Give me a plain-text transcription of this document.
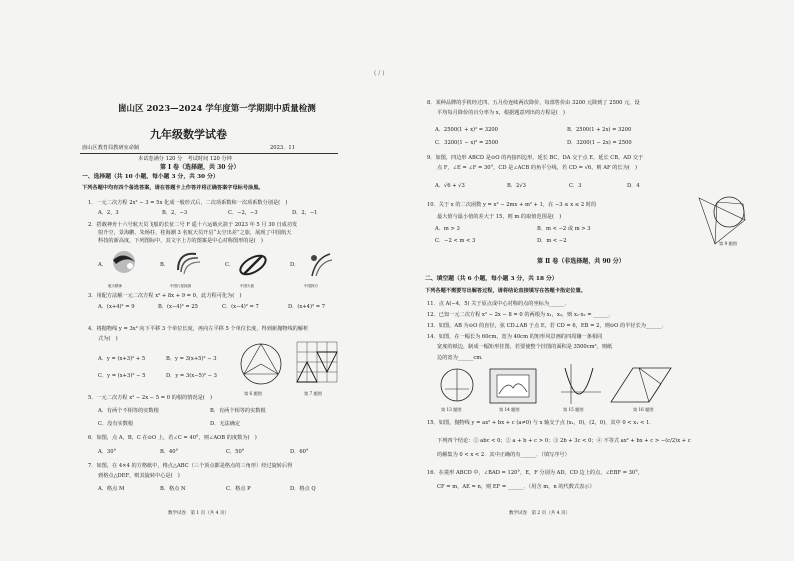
( / )
崮山区 2023—2024 学年度第一学期期中质量检测
九年级数学试卷
崮山区教育局教研室命制	2023．11
本试卷满分 120 分　考试时间 120 分钟
第 Ⅰ 卷（选择题，共 30 分）
一、选择题（共 10 小题，每小题 3 分，共 30 分）
下列各题中均有四个备选答案，请在答题卡上作答并将正确答案字母标号涂黑。
1．一元二次方程 2x² − 3 = 5x 化成一般形式后，二次项系数和一次项系数分别是(　)
A．2，3	B．2，−3	C．−2，−3	D．2，−1
2．搭载神舟十六号航天员飞船的长征二号 F 遥十六运载火箭于 2023 年 5 月 30 日成功发
射升空，景海鹏、朱杨柱、桂海潮 3 名航天员开启“太空出差”之旅，展现了中国航天
科技的新高度，下列图标中，其文字上方的图案是中心对称图形的是(　)
A．
航天精神
B．
中国行星探测
C．
中国火箭
D．
中国探月
3．用配方法解一元二次方程 x² + 8x + 9 = 0，此方程可化为(　)
A．(x+4)² = 9	B．(x−4)² = 25	C．(x−4)² = 7	D．(x+4)² = 7
4．将抛物线 y = 3x² 向下平移 3 个单位长度，再向左平移 5 个单位长度，得到新抛物线的解析
式为(　)
A．y = (x+3)² + 5	B．y = 3(x+5)² − 3
C．y = (x+3)² − 5	D．y = 3(x−5)² − 3
第 6 题图	第 7 题图
5．一元二次方程 x² − 2x − 5 = 0 的根的情况是(　)
A．有两个不相等的实数根	B．有两个相等的实数根
C．没有实数根	D．无法确定
6．如图，点 A，B，C 在⊙O 上，若∠C = 40°，则∠AOB 的度数为(　)
A．30°	B．40°	C．50°	D．60°
7．如图，在 4×4 的方格纸中，格点△ABC（三个顶点都是格点的三角形）经过旋转后得
到格点△DEF，则其旋转中心是(　)
A．格点 M	B．格点 N	C．格点 P	D．格点 Q
数学试卷　第 1 页（共 4 页）
8．某种品牌的手机经过四、五月份连续两次降价，每部售价由 3200 元降到了 2500 元，设
平均每月降价的百分率为 x，根据题意列出的方程是(　)
A．2500(1 + x)² = 3200	B．2500(1 + 2x) = 3200
C．3200(1 − x)² = 2500	D．3200(1 − 2x) = 2500
9．如图，四边形 ABCD 是⊙O 的内接四边形，延长 BC，DA 交于点 E，延长 CB，AD 交于
点 F，∠E = ∠F = 30°，CD 是∠ACB 的角平分线，若 CD = √6，则 AF 的长为(　)
A．√6 + √3	B．2√3	C．3	D．4
10．关于 x 的二次函数 y = x² − 2mx + m² + 1，在 −3 ≤ x ≤ 2 时的
最大值与最小值的差大于 15，则 m 的取值范围是(　)
A．m > 3	B．m < −2 或 m > 3
C．−2 < m < 3	D．m < −2	第 9 题图
第 Ⅱ 卷（非选择题，共 90 分）
二、填空题（共 6 小题，每小题 3 分，共 18 分）
下列各题不需要写出解答过程，请将结论直接填写在答题卡指定位置。
11．点 A(−4，5) 关于原点成中心对称的点的坐标为______．
12．已知一元二次方程 x² − 2x − 8 = 0 的两根为 x₁，x₂，则 x₁·x₂ = ______．
13．如图，AB 为⊙O 的直径，弦 CD⊥AB 于点 E，若 CD = 6，EB = 2，则⊙O 的半径长为______．
14．如图，在一幅长为 60cm，宽为 40cm 的矩形风景画的四周镶一条相同
宽度的纸边，制成一幅矩形挂图，若要使整个挂图的面积是 3500cm²，则纸
边的宽为______cm．
第 13 题图	第 14 题图	第 15 题图	第 16 题图
15．如图，抛物线 y = ax² + bx + c (a≠0) 与 x 轴交于点 (x₁，0)，(2，0)，其中 0 < x₁ < 1．
下列四个结论：① abc < 0；② a + b + c > 0；③ 2b + 3c < 0；④ 不等式 ax² + bx + c > −(c/2)x + c
的解集为 0 < x < 2．其中正确的有______．（填写序号）
16．在菱形 ABCD 中，∠BAD = 120°，E，F 分别为 AD，CD 边上的点，∠EBF = 30°，
CF = m，AE = n，则 EF = ______．（用含 m，n 的代数式表示）
数学试卷　第 2 页（共 4 页）
